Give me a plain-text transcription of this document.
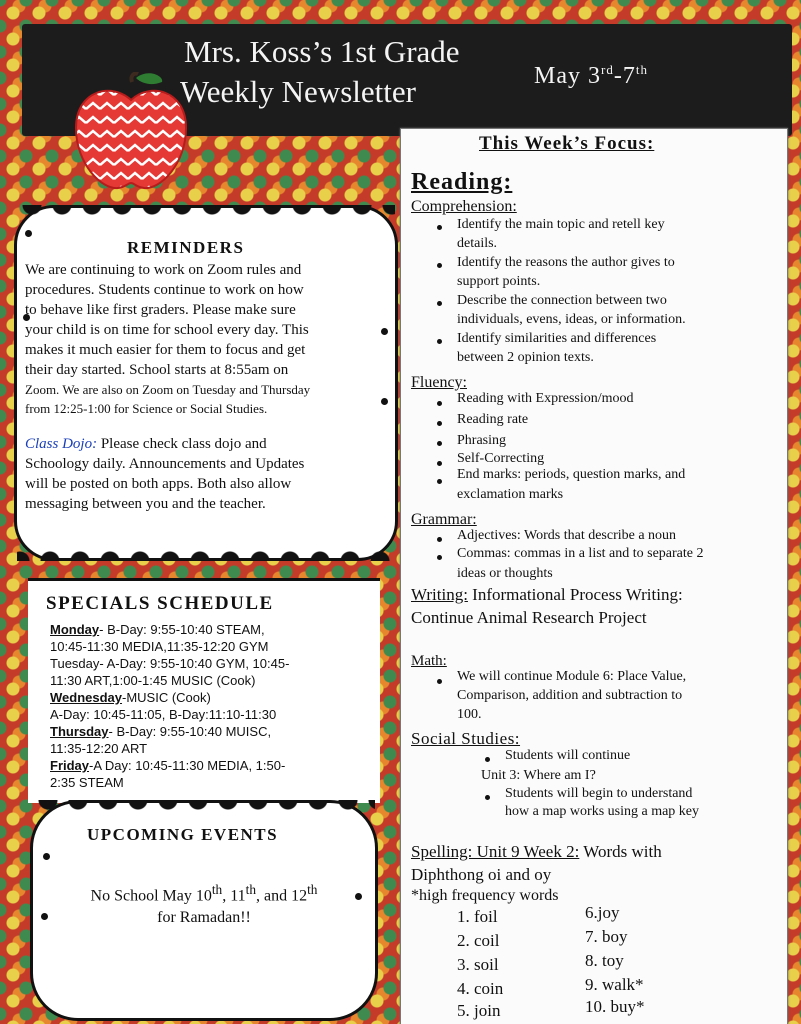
Mrs. Koss’s 1st Grade
Weekly Newsletter	May 3rd-7th
REMINDERS
We are continuing to work on Zoom rules and
procedures. Students continue to work on how
to behave like first graders. Please make sure
your child is on time for school every day. This
makes it much easier for them to focus and get
their day started. School starts at 8:55am on
Zoom. We are also on Zoom on Tuesday and Thursday
from 12:25-1:00 for Science or Social Studies.
Class Dojo: Please check class dojo and
Schoology daily. Announcements and Updates
will be posted on both apps. Both also allow
messaging between you and the teacher.
SPECIALS SCHEDULE
Monday- B-Day: 9:55-10:40 STEAM,
10:45-11:30 MEDIA,11:35-12:20 GYM
Tuesday- A-Day: 9:55-10:40 GYM, 10:45-
11:30 ART,1:00-1:45 MUSIC (Cook)
Wednesday-MUSIC (Cook)
A-Day: 10:45-11:05, B-Day:11:10-11:30
Thursday- B-Day: 9:55-10:40 MUISC,
11:35-12:20 ART
Friday-A Day: 10:45-11:30 MEDIA, 1:50-
2:35 STEAM
UPCOMING EVENTS
No School May 10th, 11th, and 12th
for Ramadan!!
This Week’s Focus:
Reading:
Comprehension:
Identify the main topic and retell key
details.
Identify the reasons the author gives to
support points.
Describe the connection between two
individuals, evens, ideas, or information.
Identify similarities and differences
between 2 opinion texts.
Fluency:
Reading with Expression/mood
Reading rate
Phrasing
Self-Correcting
End marks: periods, question marks, and
exclamation marks
Grammar:
Adjectives: Words that describe a noun
Commas: commas in a list and to separate 2
ideas or thoughts
Writing: Informational Process Writing:
Continue Animal Research Project
Math:
We will continue Module 6: Place Value,
Comparison, addition and subtraction to
100.
Social Studies:
Students will continue
Unit 3: Where am I?
Students will begin to understand
how a map works using a map key
Spelling: Unit 9 Week 2: Words with
Diphthong oi and oy
*high frequency words
1. foil
2. coil
3. soil
4. coin
5. join
6.joy
7. boy
8. toy
9. walk*
10. buy*
